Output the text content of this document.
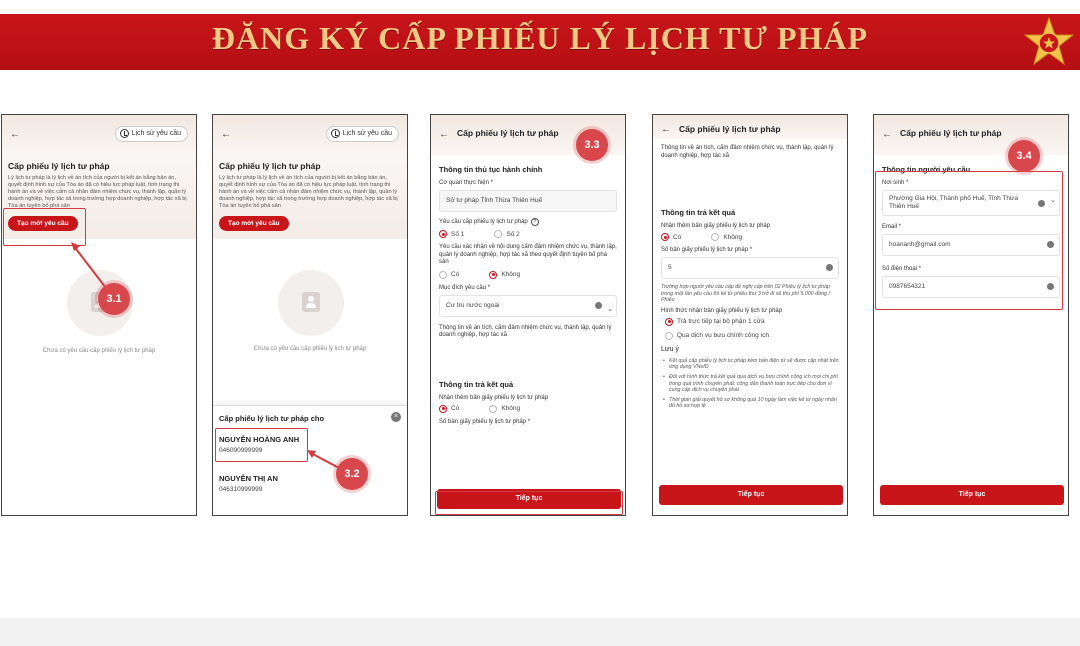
ĐĂNG KÝ CẤP PHIẾU LÝ LỊCH TƯ PHÁP
←	Lịch sử yêu cầu
Cấp phiếu lý lịch tư pháp
Lý lịch tư pháp là lý lịch về án tích của người bị kết án bằng bản án, quyết định hình sự của Tòa án đã có hiệu lực pháp luật, tình trạng thi hành án và về việc cấm cả nhân đảm nhiệm chức vụ, thành lập, quản lý doanh nghiệp, hợp tác xã trong trường hợp doanh nghiệp, hợp tác xã bị Tòa án tuyên bố phá sản
Tạo mới yêu cầu
Chưa có yêu cầu cấp phiếu lý lịch tư pháp
3.1
←	Lịch sử yêu cầu
Cấp phiếu lý lịch tư pháp
Lý lịch tư pháp là lý lịch về án tích của người bị kết án bằng bản án, quyết định hình sự của Tòa án đã có hiệu lực pháp luật, tình trạng thi hành án và về việc cấm cả nhân đảm nhiệm chức vụ, thành lập, quản lý doanh nghiệp, hợp tác xã trong trường hợp doanh nghiệp, hợp tác xã bị Tòa án tuyên bố phá sản
Tạo mới yêu cầu
Chưa có yêu cầu cấp phiếu lý lịch tư pháp
Cấp phiếu lý lịch tư pháp cho	×
NGUYỄN HOÀNG ANH
046090999999
NGUYỄN THỊ AN
046310999999
3.2
← Cấp phiếu lý lịch tư pháp
Thông tin thủ tục hành chính
Cơ quan thực hiện *
Sở tư pháp Tỉnh Thừa Thiên Huế
Yêu cầu cấp phiếu lý lịch tư pháp ?
Số 1	Số 2
Yêu cầu xác nhận về nội dung cấm đảm nhiệm chức vụ, thành lập, quản lý doanh nghiệp, hợp tác xã theo quyết định tuyên bố phá sản
Có	Không
Mục đích yêu cầu *
Cư trú nước ngoài
⌄
Thông tin về án tích, cấm đảm nhiệm chức vụ, thành lập, quản lý doanh nghiệp, hợp tác xã
Thông tin trả kết quả
Nhận thêm bản giấy phiếu lý lịch tư pháp
Có	Không
Số bản giấy phiếu lý lịch tư pháp *
Tiếp tục
3.3
← Cấp phiếu lý lịch tư pháp
Thông tin về án tích, cấm đảm nhiệm chức vụ, thành lập, quản lý doanh nghiệp, hợp tác xã
Thông tin trả kết quả
Nhận thêm bản giấy phiếu lý lịch tư pháp
Có	Không
Số bản giấy phiếu lý lịch tư pháp *
5
Trường hợp người yêu cầu cấp đề nghị cấp trên 02 Phiếu lý lịch tư pháp trong một lần yêu cầu thì kể từ phiếu thứ 3 trở đi sẽ thu phí 5.000 đồng / Phiếu
Hình thức nhận bản giấy phiếu lý lịch tư pháp
Trả trực tiếp tại bộ phận 1 cửa
Qua dịch vụ bưu chính công ích
Lưu ý
• Kết quả cấp phiếu lý lịch tư pháp kèm bản điện tử sẽ được cập nhật trên ứng dụng VNeID
• Đối với hình thức trả kết quả qua dịch vụ bưu chính công ích mọi chi phí trong quá trình chuyển phát, công dân thanh toán trực tiếp cho đơn vị cung cấp dịch vụ chuyển phát
• Thời gian giải quyết hồ sơ không quá 10 ngày làm việc kể từ ngày nhận đủ hồ sơ hợp lệ
Tiếp tục
← Cấp phiếu lý lịch tư pháp
Thông tin người yêu cầu
Nơi sinh *
Phường Gia Hội, Thành phố Huế, Tỉnh Thừa Thiên Huế
⌄
Email *
hoananh@gmail.com
Số điện thoại *
0987654321
Tiếp tục
3.4
